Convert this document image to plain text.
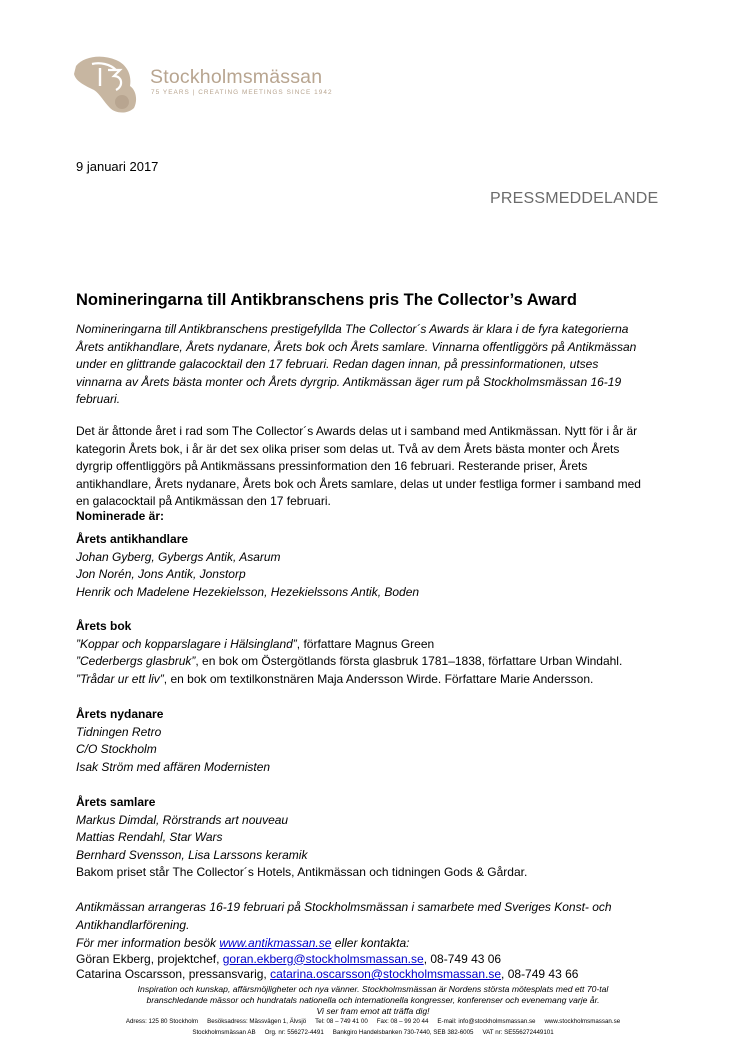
Stockholmsmässan
75 YEARS | CREATING MEETINGS SINCE 1942
9 januari 2017
PRESSMEDDELANDE
Nomineringarna till Antikbranschens pris The Collector’s Award
Nomineringarna till Antikbranschens prestigefyllda The Collector´s Awards är klara i de fyra kategorierna
Årets antikhandlare, Årets nydanare, Årets bok och Årets samlare. Vinnarna offentliggörs på Antikmässan
under en glittrande galacocktail den 17 februari. Redan dagen innan, på pressinformationen, utses
vinnarna av Årets bästa monter och Årets dyrgrip. Antikmässan äger rum på Stockholmsmässan 16-19
februari.
Det är åttonde året i rad som The Collector´s Awards delas ut i samband med Antikmässan. Nytt för i år är
kategorin Årets bok, i år är det sex olika priser som delas ut. Två av dem Årets bästa monter och Årets
dyrgrip offentliggörs på Antikmässans pressinformation den 16 februari. Resterande priser, Årets
antikhandlare, Årets nydanare, Årets bok och Årets samlare, delas ut under festliga former i samband med
en galacocktail på Antikmässan den 17 februari.
Nominerade är:
Årets antikhandlare
Johan Gyberg, Gybergs Antik, Asarum
Jon Norén, Jons Antik, Jonstorp
Henrik och Madelene Hezekielsson, Hezekielssons Antik, Boden
Årets bok
”Koppar och kopparslagare i Hälsingland”, författare Magnus Green
”Cederbergs glasbruk”, en bok om Östergötlands första glasbruk 1781–1838, författare Urban Windahl.
”Trådar ur ett liv”, en bok om textilkonstnären Maja Andersson Wirde. Författare Marie Andersson.
Årets nydanare
Tidningen Retro
C/O Stockholm
Isak Ström med affären Modernisten
Årets samlare
Markus Dimdal, Rörstrands art nouveau
Mattias Rendahl, Star Wars
Bernhard Svensson, Lisa Larssons keramik
Bakom priset står The Collector´s Hotels, Antikmässan och tidningen Gods & Gårdar.
Antikmässan arrangeras 16-19 februari på Stockholmsmässan i samarbete med Sveriges Konst- och
Antikhandlarförening.
För mer information besök www.antikmassan.se eller kontakta:
Göran Ekberg, projektchef, goran.ekberg@stockholmsmassan.se, 08-749 43 06
Catarina Oscarsson, pressansvarig, catarina.oscarsson@stockholmsmassan.se, 08-749 43 66
Inspiration och kunskap, affärsmöjligheter och nya vänner. Stockholmsmässan är Nordens största mötesplats med ett 70-tal
branschledande mässor och hundratals nationella och internationella kongresser, konferenser och evenemang varje år.
Vi ser fram emot att träffa dig!
Adress: 125 80 Stockholm Besöksadress: Mässvägen 1, Älvsjö Tel: 08 – 749 41 00 Fax: 08 – 99 20 44 E-mail: info@stockholmsmassan.se www.stockholmsmassan.se
Stockholmsmässan AB Org. nr: 556272-4491 Bankgiro Handelsbanken 730-7440, SEB 382-6005 VAT nr: SE556272449101
